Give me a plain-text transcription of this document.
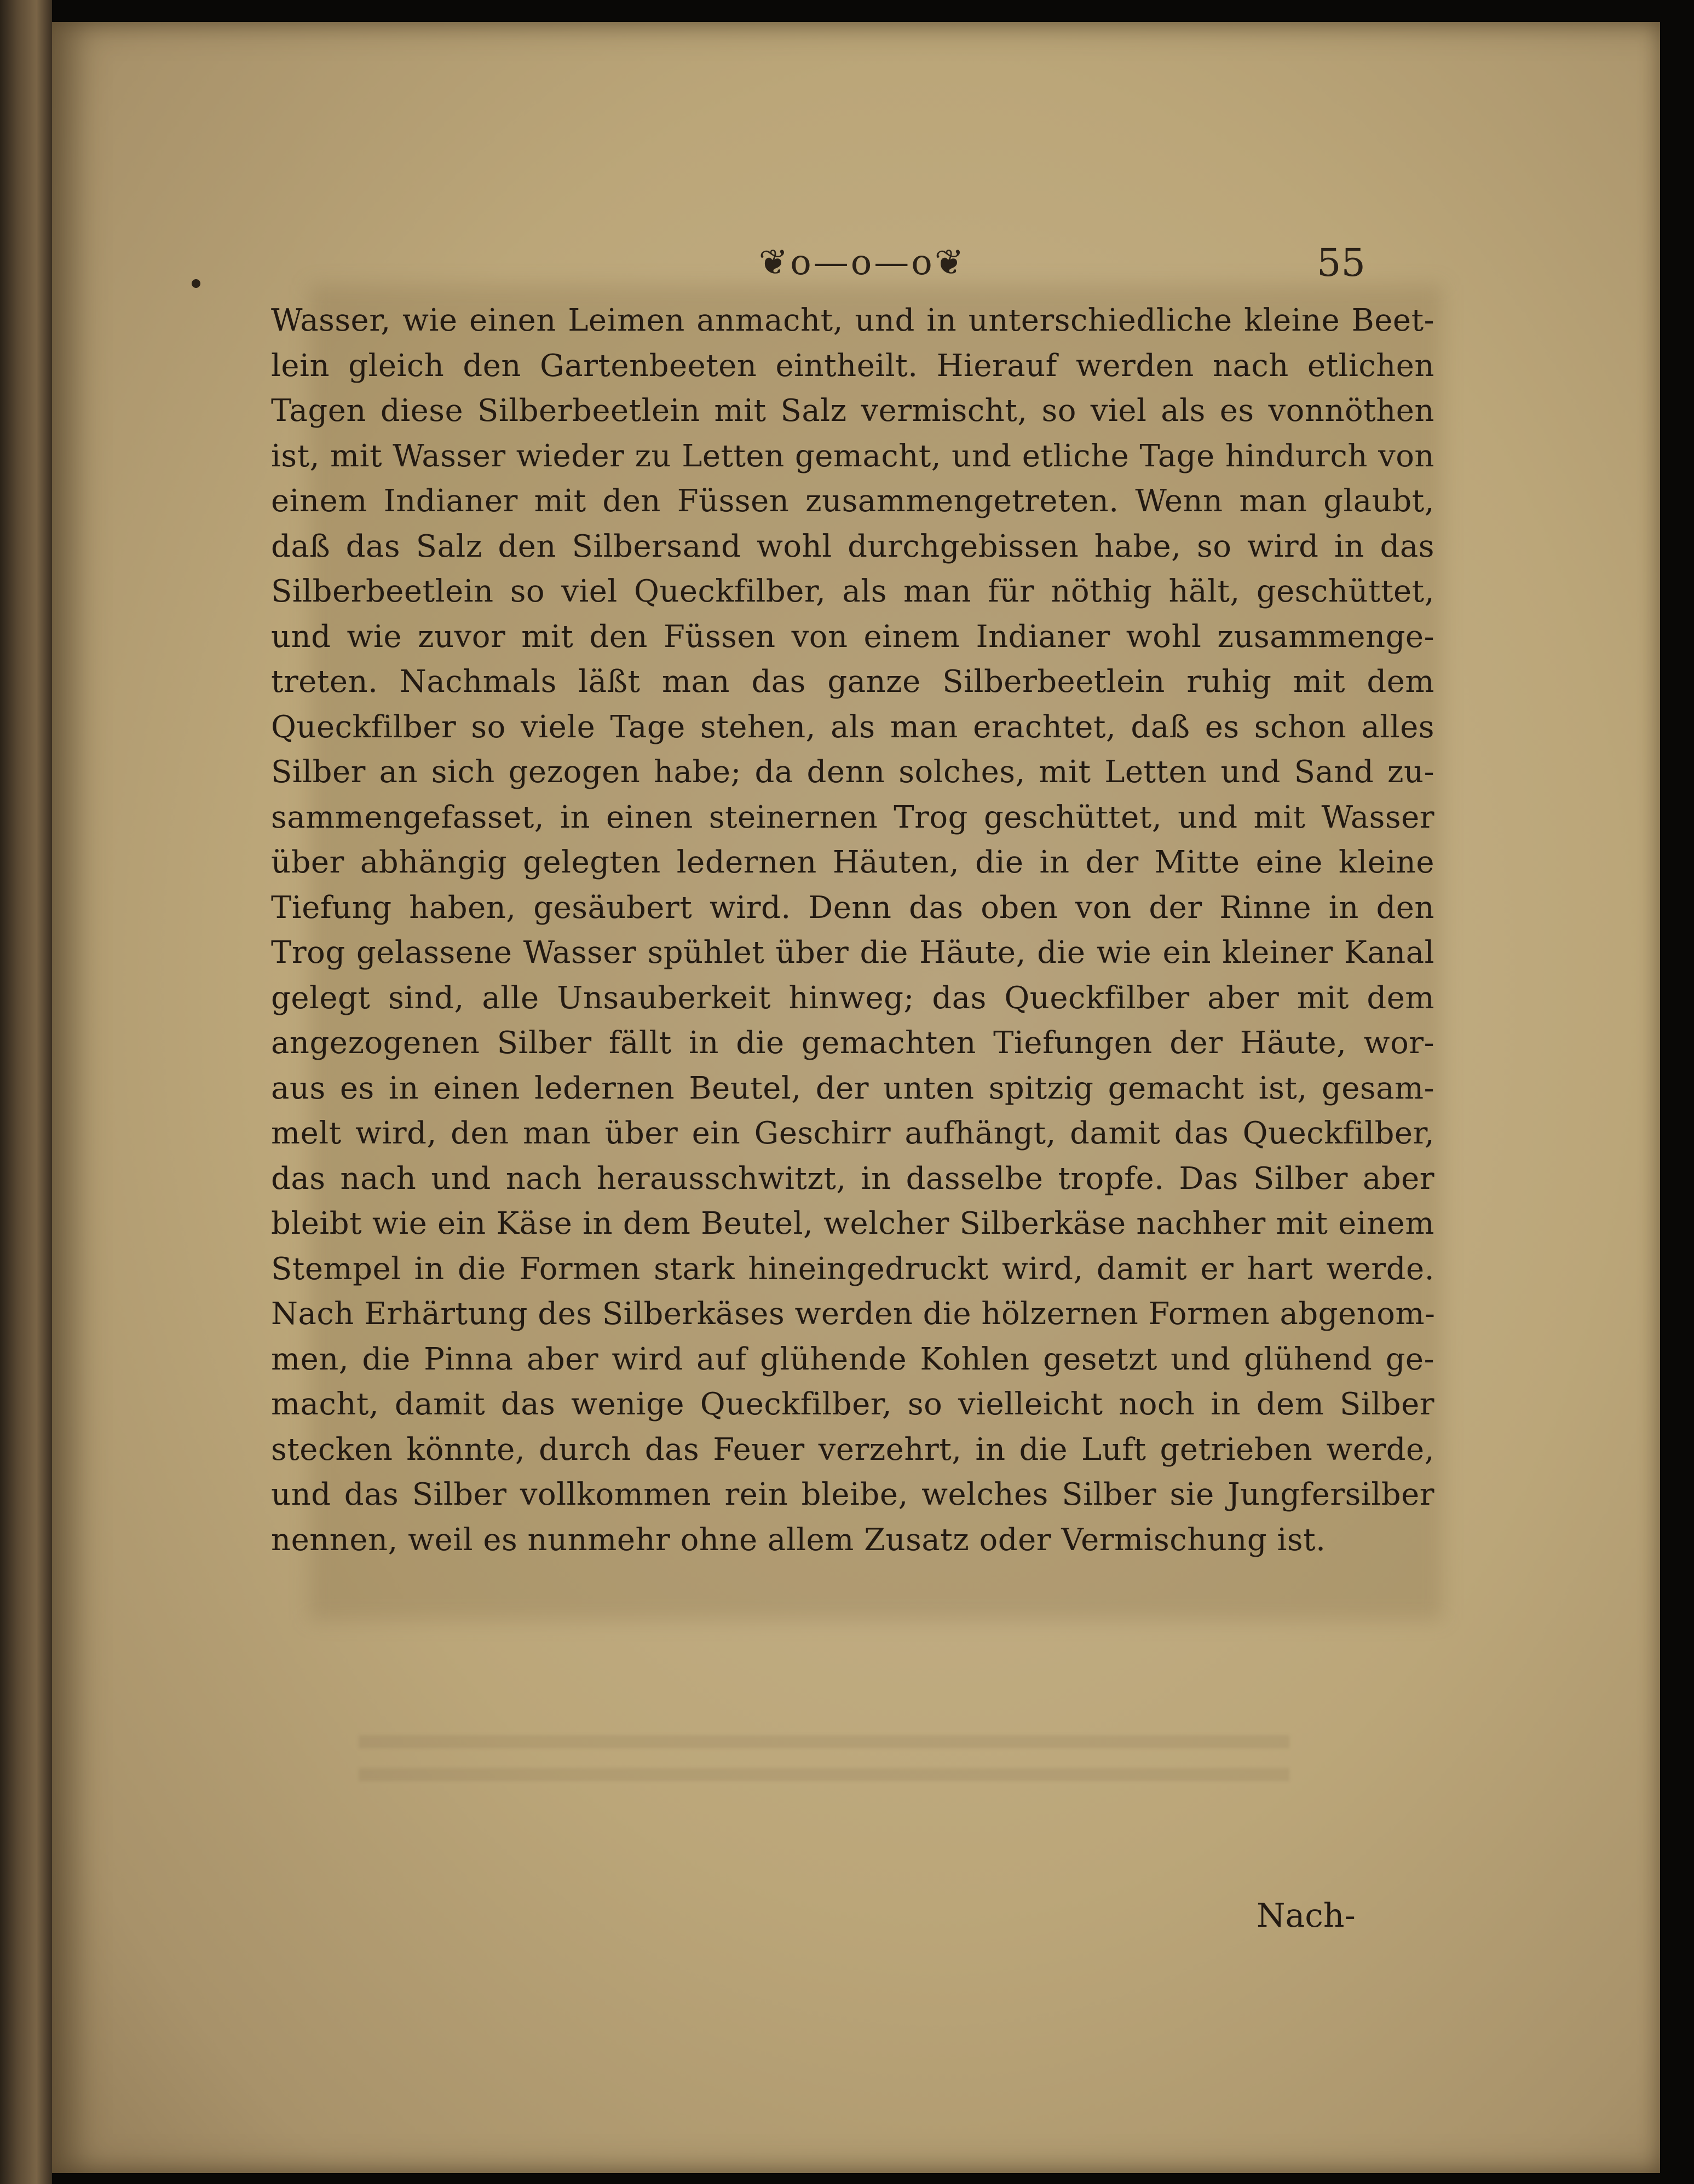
❦o—o—o❦	55
Wasser, wie einen Leimen anmacht, und in unterschiedliche kleine Beet-
lein gleich den Gartenbeeten eintheilt. Hierauf werden nach etlichen
Tagen diese Silberbeetlein mit Salz vermischt, so viel als es vonnöthen
ist, mit Wasser wieder zu Letten gemacht, und etliche Tage hindurch von
einem Indianer mit den Füssen zusammengetreten. Wenn man glaubt,
daß das Salz den Silbersand wohl durchgebissen habe, so wird in das
Silberbeetlein so viel Queckfilber, als man für nöthig hält, geschüttet,
und wie zuvor mit den Füssen von einem Indianer wohl zusammenge-
treten. Nachmals läßt man das ganze Silberbeetlein ruhig mit dem
Queckfilber so viele Tage stehen, als man erachtet, daß es schon alles
Silber an sich gezogen habe; da denn solches, mit Letten und Sand zu-
sammengefasset, in einen steinernen Trog geschüttet, und mit Wasser
über abhängig gelegten ledernen Häuten, die in der Mitte eine kleine
Tiefung haben, gesäubert wird. Denn das oben von der Rinne in den
Trog gelassene Wasser spühlet über die Häute, die wie ein kleiner Kanal
gelegt sind, alle Unsauberkeit hinweg; das Queckfilber aber mit dem
angezogenen Silber fällt in die gemachten Tiefungen der Häute, wor-
aus es in einen ledernen Beutel, der unten spitzig gemacht ist, gesam-
melt wird, den man über ein Geschirr aufhängt, damit das Queckfilber,
das nach und nach herausschwitzt, in dasselbe tropfe. Das Silber aber
bleibt wie ein Käse in dem Beutel, welcher Silberkäse nachher mit einem
Stempel in die Formen stark hineingedruckt wird, damit er hart werde.
Nach Erhärtung des Silberkäses werden die hölzernen Formen abgenom-
men, die Pinna aber wird auf glühende Kohlen gesetzt und glühend ge-
macht, damit das wenige Queckfilber, so vielleicht noch in dem Silber
stecken könnte, durch das Feuer verzehrt, in die Luft getrieben werde,
und das Silber vollkommen rein bleibe, welches Silber sie Jungfersilber
nennen, weil es nunmehr ohne allem Zusatz oder Vermischung ist.
Nach-
